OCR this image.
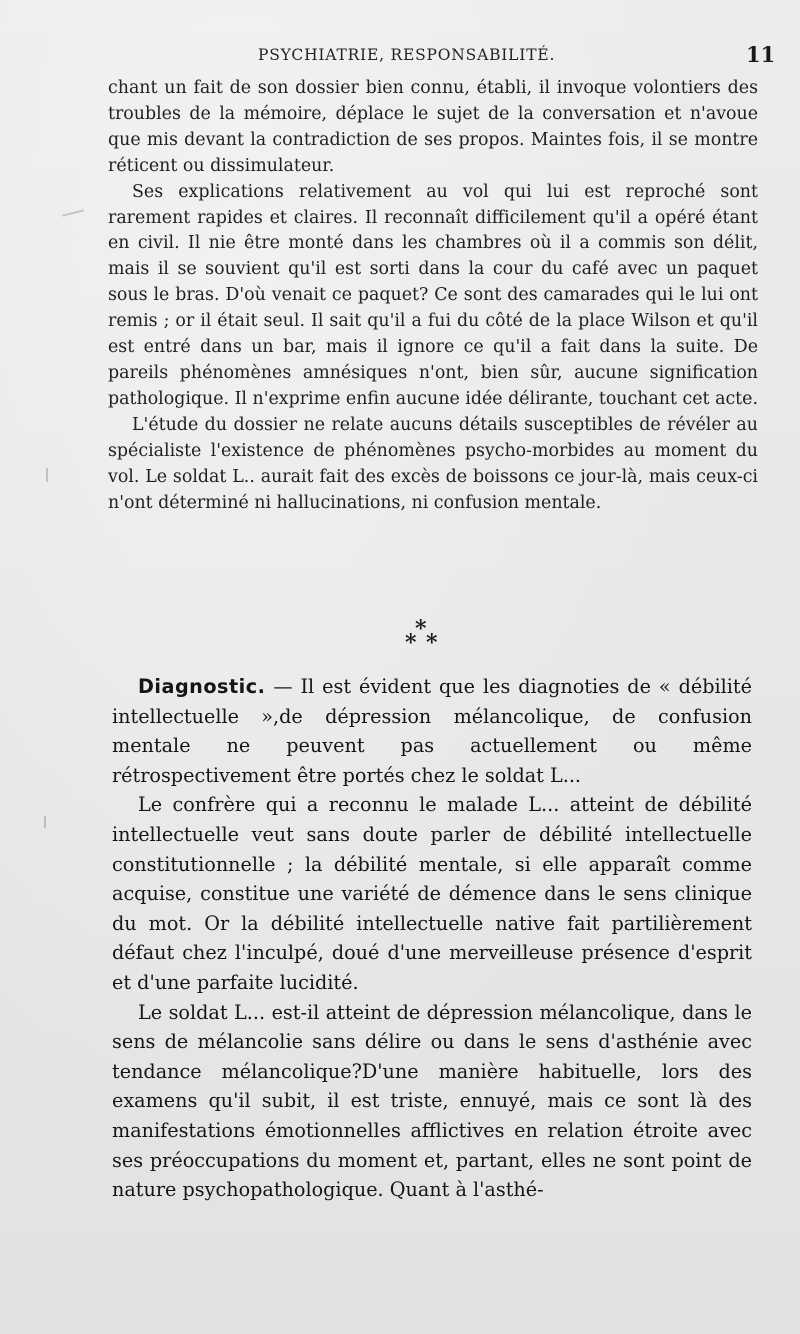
PSYCHIATRIE, RESPONSABILITÉ.	11

chant un fait de son dossier bien connu, établi, il invoque volontiers des troubles de la mémoire, déplace le sujet de la conversation et n'avoue que mis devant la contradiction de ses propos. Maintes fois, il se montre réticent ou dissimulateur.

Ses explications relativement au vol qui lui est reproché sont rarement rapides et claires. Il reconnaît difficilement qu'il a opéré étant en civil. Il nie être monté dans les chambres où il a commis son délit, mais il se souvient qu'il est sorti dans la cour du café avec un paquet sous le bras. D'où venait ce paquet? Ce sont des camarades qui le lui ont remis ; or il était seul. Il sait qu'il a fui du côté de la place Wilson et qu'il est entré dans un bar, mais il ignore ce qu'il a fait dans la suite. De pareils phénomènes amnésiques n'ont, bien sûr, aucune signification pathologique. Il n'exprime enfin aucune idée délirante, touchant cet acte.

L'étude du dossier ne relate aucuns détails susceptibles de révéler au spécialiste l'existence de phénomènes psycho-morbides au moment du vol. Le soldat L.. aurait fait des excès de boissons ce jour-là, mais ceux-ci n'ont déterminé ni hallucinations, ni confusion mentale.

*
* *

Diagnostic. — Il est évident que les diagnoties de « débilité intellectuelle »,de dépression mélancolique, de confusion mentale ne peuvent pas actuellement ou même rétrospectivement être portés chez le soldat L...

Le confrère qui a reconnu le malade L... atteint de débilité intellectuelle veut sans doute parler de débilité intellectuelle constitutionnelle ; la débilité mentale, si elle apparaît comme acquise, constitue une variété de démence dans le sens clinique du mot. Or la débilité intellectuelle native fait partilièrement défaut chez l'inculpé, doué d'une merveilleuse présence d'esprit et d'une parfaite lucidité.

Le soldat L... est-il atteint de dépression mélancolique, dans le sens de mélancolie sans délire ou dans le sens d'asthénie avec tendance mélancolique?D'une manière habituelle, lors des examens qu'il subit, il est triste, ennuyé, mais ce sont là des manifestations émotionnelles afflictives en relation étroite avec ses préoccupations du moment et, partant, elles ne sont point de nature psychopathologique. Quant à l'asthé-
